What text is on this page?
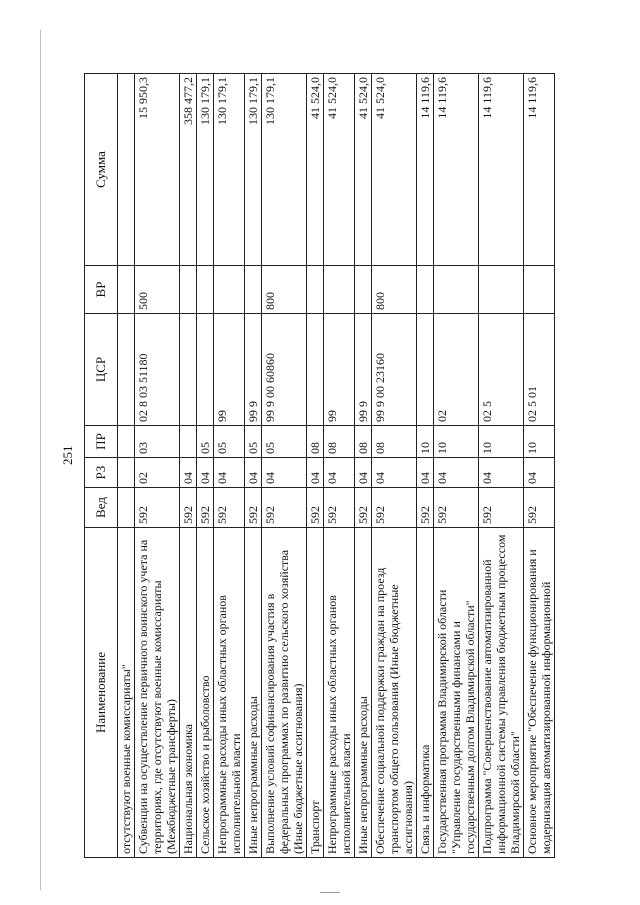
251
Наименование	Вед	РЗ	ПР	ЦСР	ВР	Сумма
отсутствуют военные комиссариаты"						
Субвенции на осуществление первичного воинского учета на территориях, где отсутствуют военные комиссариаты (Межбюджетные трансферты)	592	02	03	02 8 03 51180	500	15 950,3
Национальная экономика	592	04				358 477,2
Сельское хозяйство и рыболовство	592	04	05			130 179,1
Непрограммные расходы иных областных органов исполнительной власти	592	04	05	99		130 179,1
Иные непрограммные расходы	592	04	05	99 9		130 179,1
Выполнение условий софинансирования участия в федеральных программах по развитию сельского хозяйства (Иные бюджетные ассигнования)	592	04	05	99 9 00 60860	800	130 179,1
Транспорт	592	04	08			41 524,0
Непрограммные расходы иных областных органов исполнительной власти	592	04	08	99		41 524,0
Иные непрограммные расходы	592	04	08	99 9		41 524,0
Обеспечение социальной поддержки граждан на проезд транспортом общего пользования (Иные бюджетные ассигнования)	592	04	08	99 9 00 23160	800	41 524,0
Связь и информатика	592	04	10			14 119,6
Государственная программа Владимирской области "Управление государственными финансами и государственным долгом Владимирской области"	592	04	10	02		14 119,6
Подпрограмма "Совершенствование автоматизированной информационной системы управления бюджетным процессом Владимирской области"	592	04	10	02 5		14 119,6
Основное мероприятие "Обеспечение функционирования и модернизация автоматизированной информационной	592	04	10	02 5 01		14 119,6
